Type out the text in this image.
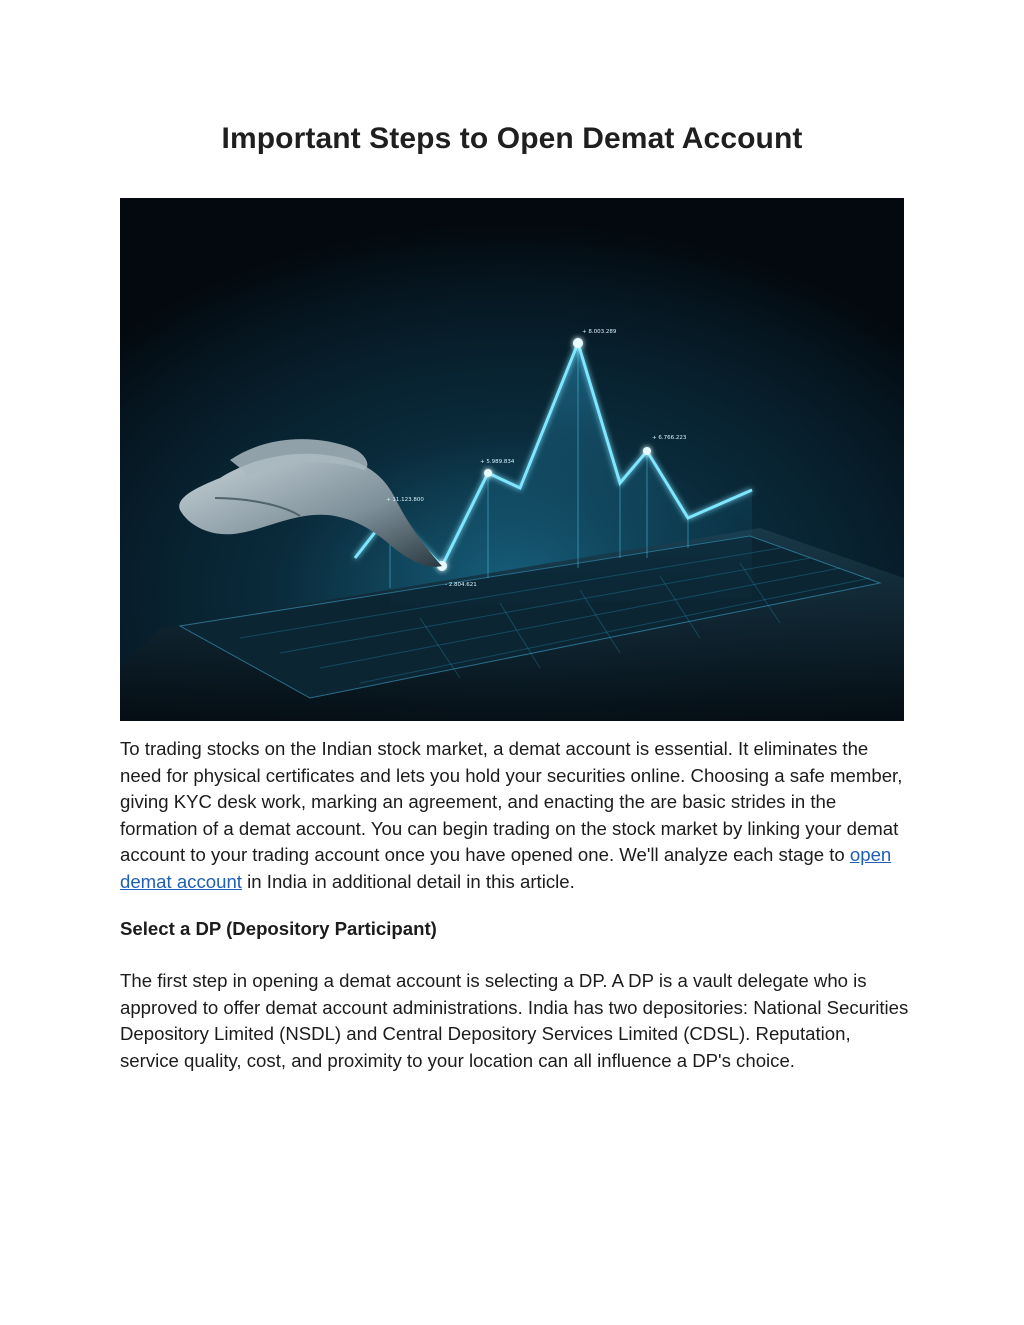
Important Steps to Open Demat Account
+ 8.003.289
+ 5.989.834
+ 6.766.223
+ 11.123.800
- 2.804.621

To trading stocks on the Indian stock market, a demat account is essential. It eliminates the need for physical certificates and lets you hold your securities online. Choosing a safe member, giving KYC desk work, marking an agreement, and enacting the are basic strides in the formation of a demat account. You can begin trading on the stock market by linking your demat account to your trading account once you have opened one. We'll analyze each stage to open demat account in India in additional detail in this article.

Select a DP (Depository Participant)

The first step in opening a demat account is selecting a DP. A DP is a vault delegate who is approved to offer demat account administrations. India has two depositories: National Securities Depository Limited (NSDL) and Central Depository Services Limited (CDSL). Reputation, service quality, cost, and proximity to your location can all influence a DP's choice.
